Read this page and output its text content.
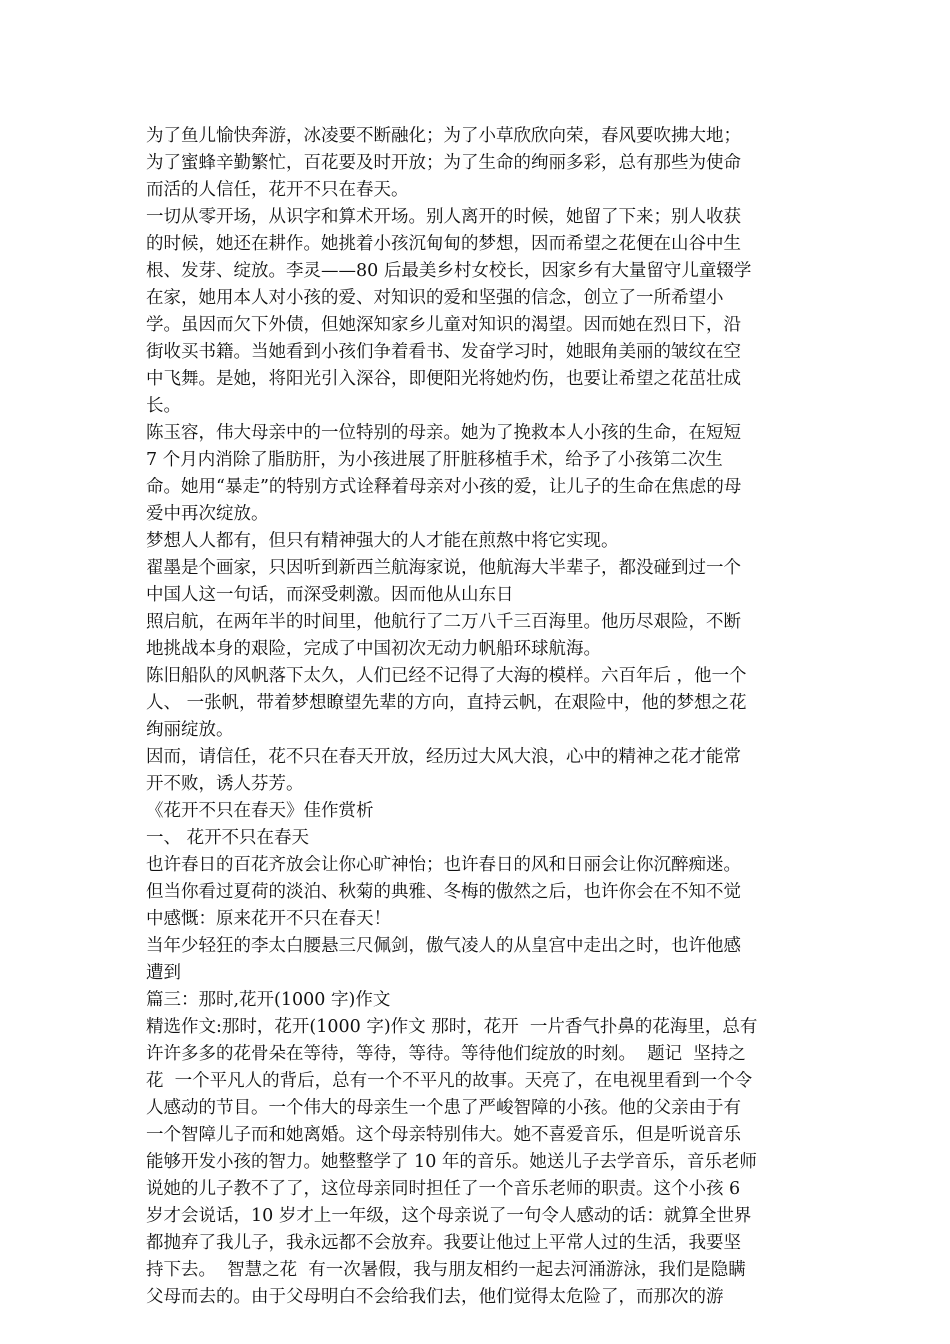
为了鱼儿愉快奔游，冰凌要不断融化；为了小草欣欣向荣，春风要吹拂大地；
为了蜜蜂辛勤繁忙，百花要及时开放；为了生命的绚丽多彩，总有那些为使命
而活的人信任，花开不只在春天。
一切从零开场，从识字和算术开场。别人离开的时候，她留了下来；别人收获
的时候，她还在耕作。她挑着小孩沉甸甸的梦想，因而希望之花便在山谷中生
根、发芽、绽放。李灵——80 后最美乡村女校长，因家乡有大量留守儿童辍学
在家，她用本人对小孩的爱、对知识的爱和坚强的信念，创立了一所希望小
学。虽因而欠下外债，但她深知家乡儿童对知识的渴望。因而她在烈日下，沿
街收买书籍。当她看到小孩们争着看书、发奋学习时，她眼角美丽的皱纹在空
中飞舞。是她，将阳光引入深谷，即便阳光将她灼伤，也要让希望之花茁壮成
长。
陈玉容，伟大母亲中的一位特别的母亲。她为了挽救本人小孩的生命，在短短
7 个月内消除了脂肪肝，为小孩进展了肝脏移植手术，给予了小孩第二次生
命。她用“暴走”的特别方式诠释着母亲对小孩的爱，让儿子的生命在焦虑的母
爱中再次绽放。
梦想人人都有，但只有精神强大的人才能在煎熬中将它实现。
翟墨是个画家，只因听到新西兰航海家说，他航海大半辈子，都没碰到过一个
中国人这一句话，而深受刺激。因而他从山东日
照启航，在两年半的时间里，他航行了二万八千三百海里。他历尽艰险，不断
地挑战本身的艰险，完成了中国初次无动力帆船环球航海。
陈旧船队的风帆落下太久，人们已经不记得了大海的模样。六百年后 ，他一个
人、 一张帆，带着梦想瞭望先辈的方向，直持云帆，在艰险中，他的梦想之花
绚丽绽放。
因而，请信任，花不只在春天开放，经历过大风大浪，心中的精神之花才能常
开不败，诱人芬芳。
《花开不只在春天》佳作赏析
一、 花开不只在春天
也许春日的百花齐放会让你心旷神怡；也许春日的风和日丽会让你沉醉痴迷。
但当你看过夏荷的淡泊、秋菊的典雅、冬梅的傲然之后，也许你会在不知不觉
中感慨：原来花开不只在春天！
当年少轻狂的李太白腰悬三尺佩剑，傲气凌人的从皇宫中走出之时，也许他感
遭到
篇三：那时,花开(1000 字)作文
精选作文:那时，花开(1000 字)作文 那时，花开  一片香气扑鼻的花海里，总有
许许多多的花骨朵在等待，等待，等待。等待他们绽放的时刻。  题记  坚持之
花  一个平凡人的背后，总有一个不平凡的故事。天亮了，在电视里看到一个令
人感动的节目。一个伟大的母亲生一个患了严峻智障的小孩。他的父亲由于有
一个智障儿子而和她离婚。这个母亲特别伟大。她不喜爱音乐，但是听说音乐
能够开发小孩的智力。她整整学了 10 年的音乐。她送儿子去学音乐，音乐老师
说她的儿子教不了了，这位母亲同时担任了一个音乐老师的职责。这个小孩 6
岁才会说话，10 岁才上一年级，这个母亲说了一句令人感动的话：就算全世界
都抛弃了我儿子，我永远都不会放弃。我要让他过上平常人过的生活，我要坚
持下去。  智慧之花  有一次暑假，我与朋友相约一起去河涌游泳，我们是隐瞒
父母而去的。由于父母明白不会给我们去，他们觉得太危险了，而那次的游
